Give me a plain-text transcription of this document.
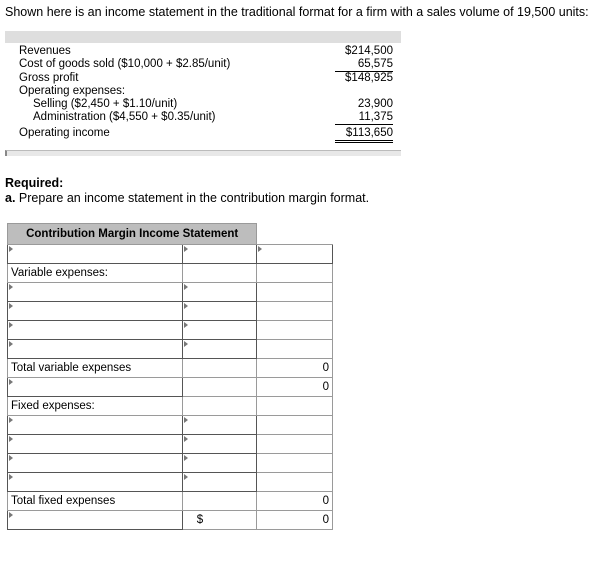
Shown here is an income statement in the traditional format for a firm with a sales volume of 19,500 units:
Revenues	$214,500
Cost of goods sold ($10,000 + $2.85/unit)	65,575
Gross profit	$148,925
Operating expenses:
Selling ($2,450 + $1.10/unit)	23,900
Administration ($4,550 + $0.35/unit)	11,375
Operating income	$113,650
Required:
a. Prepare an income statement in the contribution margin format.
Contribution Margin Income Statement		

Variable expenses:		

Total variable expenses		0
		0
Fixed expenses:		

Total fixed expenses		0

	$	0
